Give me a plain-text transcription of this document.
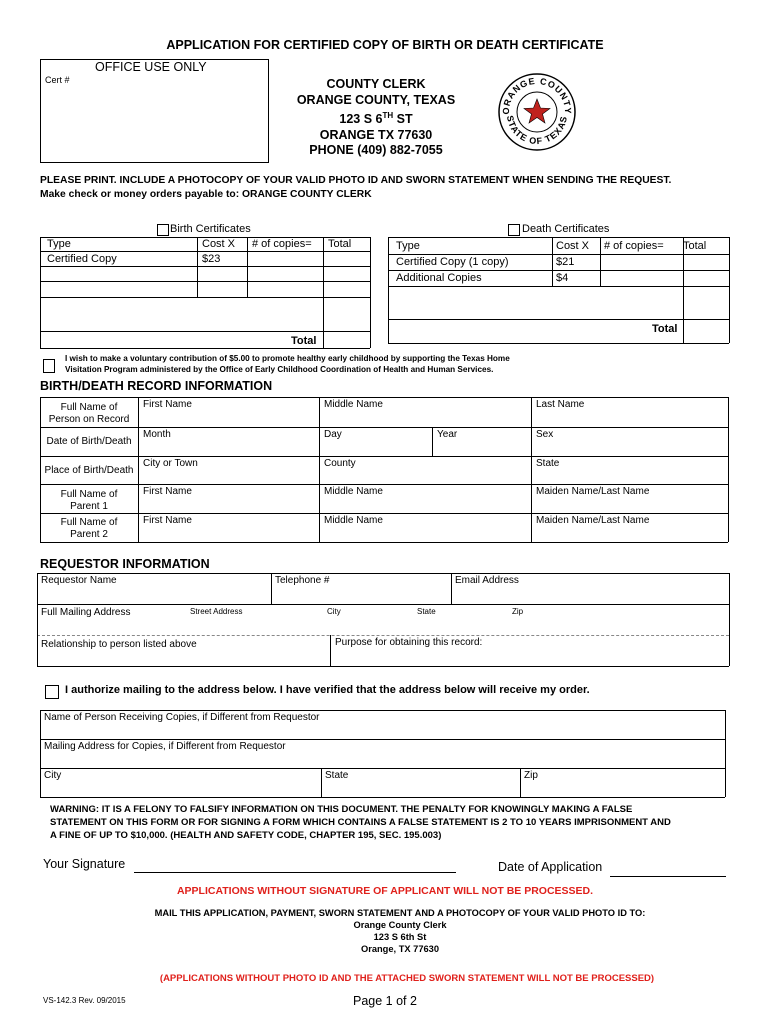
APPLICATION FOR CERTIFIED COPY OF BIRTH OR DEATH CERTIFICATE
OFFICE USE ONLY
Cert #	COUNTY CLERK
ORANGE COUNTY, TEXAS
123 S 6TH ST
ORANGE TX 77630
PHONE (409) 882-7055
ORANGE COUNTY
STATE OF TEXAS
PLEASE PRINT. INCLUDE A PHOTOCOPY OF YOUR VALID PHOTO ID AND SWORN STATEMENT WHEN SENDING THE REQUEST.
Make check or money orders payable to: ORANGE COUNTY CLERK
Birth Certificates
Type	Cost X # of copies= Total
Certified Copy	$23
Total
Death Certificates
Type	Cost X # of copies= Total
Certified Copy (1 copy)	$21
Additional Copies	$4
Total
I wish to make a voluntary contribution of $5.00 to promote healthy early childhood by supporting the Texas Home
Visitation Program administered by the Office of Early Childhood Coordination of Health and Human Services.
BIRTH/DEATH RECORD INFORMATION
Full Name of
Person on Record
First Name	Middle Name	Last Name
Date of Birth/Death
Month	Day	Year	Sex
Place of Birth/Death
City or Town	County	State
Full Name of
Parent 1
First Name	Middle Name	Maiden Name/Last Name
Full Name of
Parent 2
First Name	Middle Name	Maiden Name/Last Name
REQUESTOR INFORMATION
Requestor Name	Telephone #	Email Address
Full Mailing Address	Street Address	City	State	Zip
Relationship to person listed above	Purpose for obtaining this record:
I authorize mailing to the address below. I have verified that the address below will receive my order.
Name of Person Receiving Copies, if Different from Requestor
Mailing Address for Copies, if Different from Requestor
City	State	Zip
WARNING: IT IS A FELONY TO FALSIFY INFORMATION ON THIS DOCUMENT. THE PENALTY FOR KNOWINGLY MAKING A FALSE
STATEMENT ON THIS FORM OR FOR SIGNING A FORM WHICH CONTAINS A FALSE STATEMENT IS 2 TO 10 YEARS IMPRISONMENT AND
A FINE OF UP TO $10,000. (HEALTH AND SAFETY CODE, CHAPTER 195, SEC. 195.003)
Your Signature	Date of Application
APPLICATIONS WITHOUT SIGNATURE OF APPLICANT WILL NOT BE PROCESSED.
MAIL THIS APPLICATION, PAYMENT, SWORN STATEMENT AND A PHOTOCOPY OF YOUR VALID PHOTO ID TO:
Orange County Clerk
123 S 6th St
Orange, TX 77630
(APPLICATIONS WITHOUT PHOTO ID AND THE ATTACHED SWORN STATEMENT WILL NOT BE PROCESSED)
VS-142.3 Rev. 09/2015	Page 1 of 2
